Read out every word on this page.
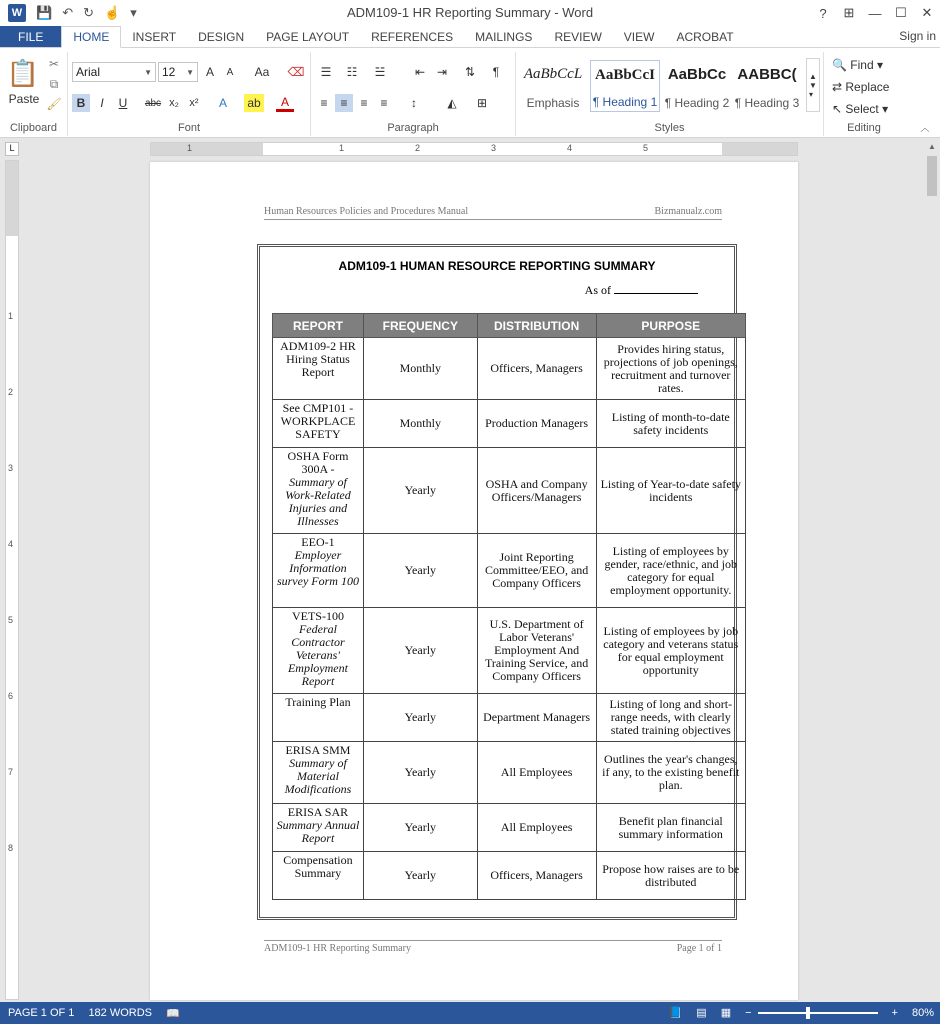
W 💾 ↶ ↻ ☝ ▾	ADM109-1 HR Reporting Summary - Word	?	⊞	—	☐	✕
FILE	HOME	INSERT	DESIGN	PAGE LAYOUT	REFERENCES	MAILINGS	REVIEW	VIEW	ACROBAT	Sign in
📋
Paste
✂
⧉
🖌
Clipboard
Arial	▼ 12 ▼ A	A	Aa	⌫
B	I	U	abc x₂ x²	A	ab	A
Font
☰	☷	☱	⇤ ⇥	⇅	¶
≡	≡	≡	≡	↕	◭	⊞
Paragraph
AaBbCcL
Emphasis
AaBbCcI
¶ Heading 1
AaBbCc
¶ Heading 2
AABBC(
¶ Heading 3
▲
▼
▾
Styles
🔍 Find ▾
⇄ Replace
↖ Select ▾
Editing	︿
L	1	1	2	3	4	5
1
2
3
4
5
6
7
8
▲
Human Resources Policies and Procedures Manual	Bizmanualz.com
ADM109-1 HUMAN RESOURCE REPORTING SUMMARY
As of
REPORT	FREQUENCY	DISTRIBUTION	PURPOSE
ADM109-2 HR Hiring Status Report	Monthly	Officers, Managers	Provides hiring status, projections of job openings, recruitment and turnover rates.
See CMP101 - WORKPLACE SAFETY	Monthly	Production Managers	Listing of month-to-date safety incidents
OSHA Form 300A -
Summary of Work-Related Injuries and Illnesses	Yearly	OSHA and Company Officers/Managers	Listing of Year-to-date safety incidents
EEO-1
Employer Information survey Form 100	Yearly	Joint Reporting Committee/EEO, and Company Officers	Listing of employees by gender, race/ethnic, and job category for equal employment opportunity.
VETS-100
Federal Contractor Veterans' Employment Report	Yearly	U.S. Department of Labor Veterans' Employment And Training Service, and Company Officers	Listing of employees by job category and veterans status for equal employment opportunity
Training Plan	Yearly	Department Managers	Listing of long and short-range needs, with clearly stated training objectives
ERISA SMM
Summary of Material Modifications	Yearly	All Employees	Outlines the year's changes, if any, to the existing benefit plan.
ERISA SAR
Summary Annual Report	Yearly	All Employees	Benefit plan financial summary information
Compensation Summary	Yearly	Officers, Managers	Propose how raises are to be distributed
ADM109-1 HR Reporting Summary	Page 1 of 1
PAGE 1 OF 1 182 WORDS 📖	📘 ▤ ▦ −	+ 80%
